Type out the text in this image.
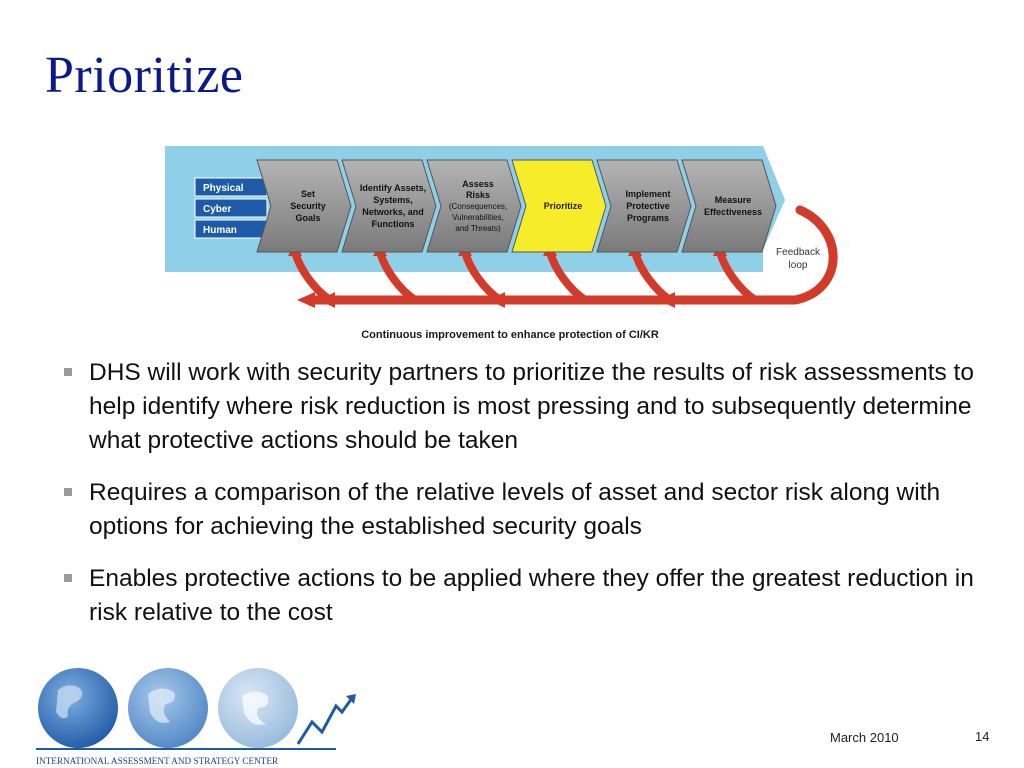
Prioritize
Physical
Cyber
Human
Set
Security
Goals
Identify Assets,
Systems,
Networks, and
Functions
Assess
Risks
(Consequences,
Vulnerabilities,
and Threats)
Prioritize
Implement
Protective
Programs
Measure
Effectiveness
Feedback
loop
Continuous improvement to enhance protection of CI/KR
DHS will work with security partners to prioritize the results of risk assessments to help identify where risk reduction is most pressing and to subsequently determine what protective actions should be taken
Requires a comparison of the relative levels of asset and sector risk along with options for achieving the established security goals
Enables protective actions to be applied where they offer the greatest reduction in risk relative to the cost
INTERNATIONAL ASSESSMENT AND STRATEGY CENTER
March 2010	14
